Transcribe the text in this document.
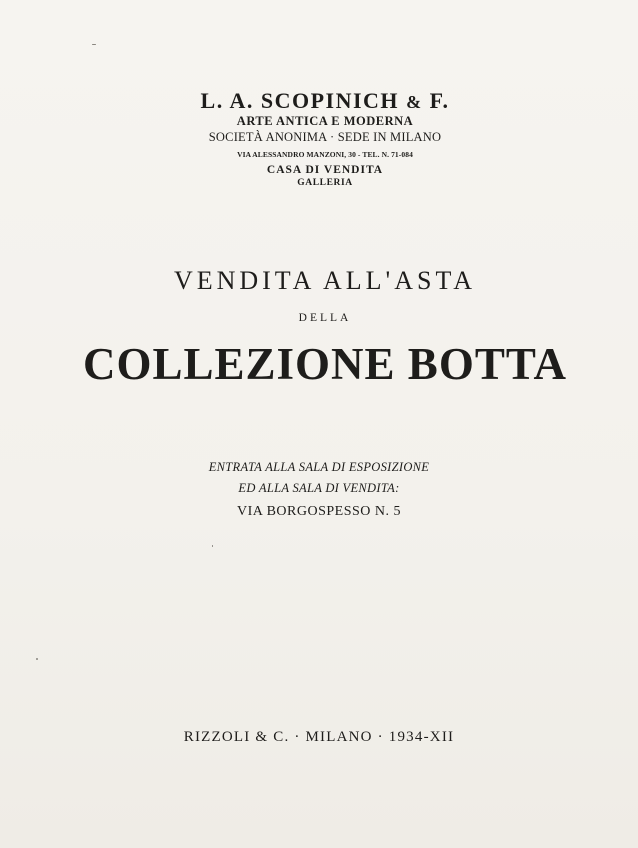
L. A. SCOPINICH & F.
ARTE ANTICA E MODERNA
SOCIETÀ ANONIMA · SEDE IN MILANO
VIA ALESSANDRO MANZONI, 30 - TEL. N. 71-084
CASA DI VENDITA
GALLERIA
VENDITA ALL'ASTA
DELLA
COLLEZIONE BOTTA
ENTRATA ALLA SALA DI ESPOSIZIONE
ED ALLA SALA DI VENDITA:
VIA BORGOSPESSO N. 5
RIZZOLI & C. · MILANO · 1934-XII
